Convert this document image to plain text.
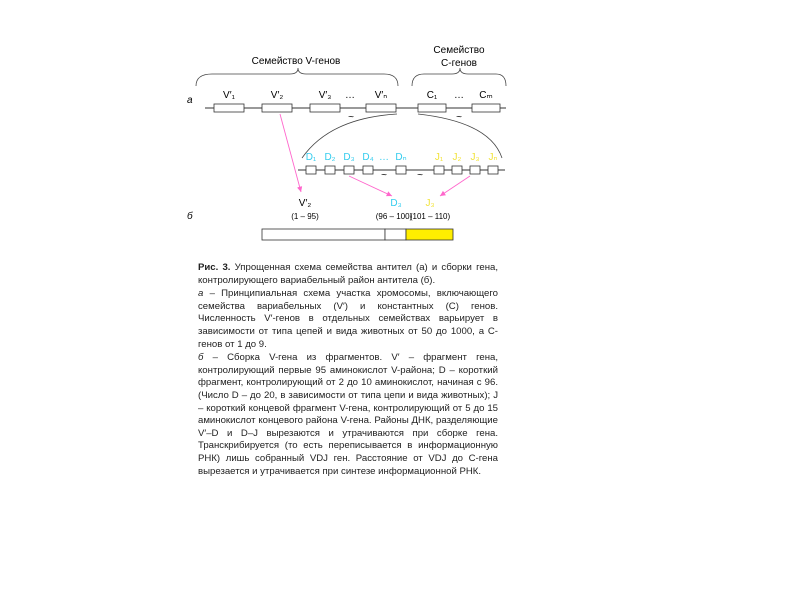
Семейство V-генов
Семейство
С-генов
а	V′₁	V′₂	V′₃ … V′ₙ
~
C₁ … Cₘ
~
D₁ D₂ D₃ D₄ … Dₙ
~	~
J₁ J₂ J₃ Jₙ
б
V′₂
(1 – 95)
D₃
(96 – 100)
J₃
(101 – 110)

Рис. 3. Упрощенная схема семейства антител (а) и сборки гена, контролирующего вариабельный район антитела (б).

а – Принципиальная схема участка хромосомы, включающего семейства вариабельных (V′) и константных (С) генов. Численность V′-генов в отдельных семействах варьирует в зависимости от типа цепей и вида животных от 50 до 1000, а С-генов от 1 до 9.

б – Сборка V-гена из фрагментов. V′ – фрагмент гена, контролирующий первые 95 аминокислот V-района; D – короткий фрагмент, контролирующий от 2 до 10 аминокислот, начиная с 96. (Число D – до 20, в зависимости от типа цепи и вида животных); J – короткий концевой фрагмент V-гена, контролирующий от 5 до 15 аминокислот концевого района V-гена. Районы ДНК, разделяющие V′–D и D–J вырезаются и утрачиваются при сборке гена. Транскрибируется (то есть переписывается в информационную РНК) лишь собранный VDJ ген. Расстояние от VDJ до С-гена вырезается и утрачивается при синтезе информационной РНК.
